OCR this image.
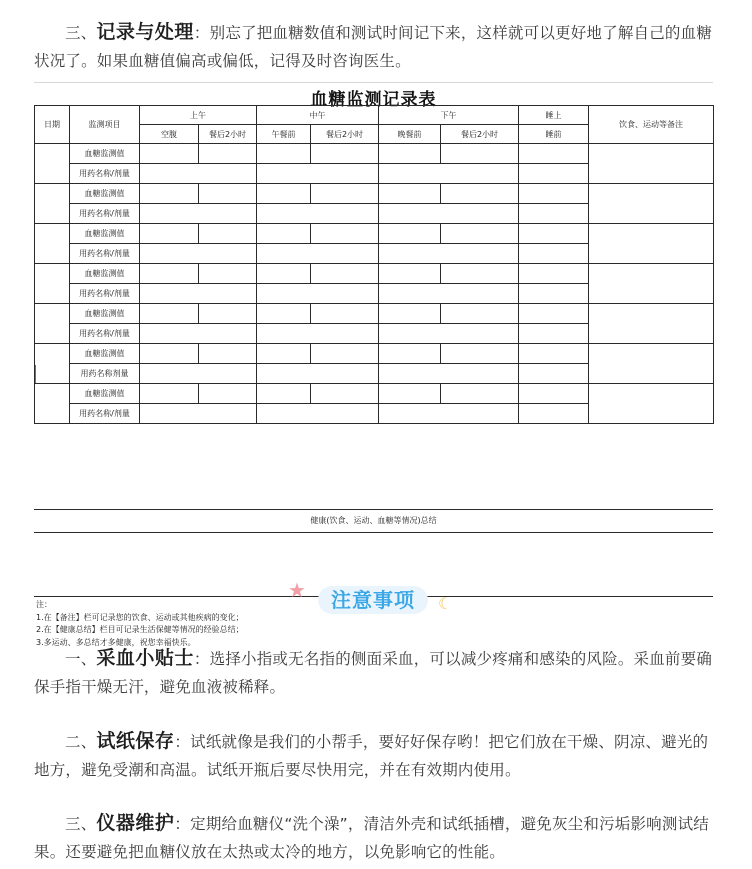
三、记录与处理：别忘了把血糖数值和测试时间记下来，这样就可以更好地了解自己的血糖状况了。如果血糖值偏高或偏低，记得及时咨询医生。

血糖监测记录表
日期	监测项目	上午		中午		下午		睡上	饮食、运动等备注
		空腹	餐后2小时	午餐前	餐后2小时	晚餐前	餐后2小时	睡前	
	血糖监测值								
	用药名称/剂量								
	血糖监测值								
	用药名称/剂量								
	血糖监测值								
	用药名称/剂量								
	血糖监测值								
	用药名称/剂量								
	血糖监测值								
	用药名称/剂量								
	血糖监测值								
	用药名称剂量								
	血糖监测值								
	用药名称/剂量								
健康(饮食、运动、血糖等情况)总结
注：
1.在【备注】栏可记录您的饮食、运动或其他疾病的变化；
2.在【健康总结】栏目可记录生活保健等情况的经验总结；
3.多运动、多总结才多健康，祝您幸福快乐。
★	注意事项	☾

一、采血小贴士：选择小指或无名指的侧面采血，可以减少疼痛和感染的风险。采血前要确保手指干燥无汗，避免血液被稀释。

二、试纸保存：试纸就像是我们的小帮手，要好好保存哟！把它们放在干燥、阴凉、避光的地方，避免受潮和高温。试纸开瓶后要尽快用完，并在有效期内使用。

三、仪器维护：定期给血糖仪“洗个澡”，清洁外壳和试纸插槽，避免灰尘和污垢影响测试结果。还要避免把血糖仪放在太热或太冷的地方，以免影响它的性能。
